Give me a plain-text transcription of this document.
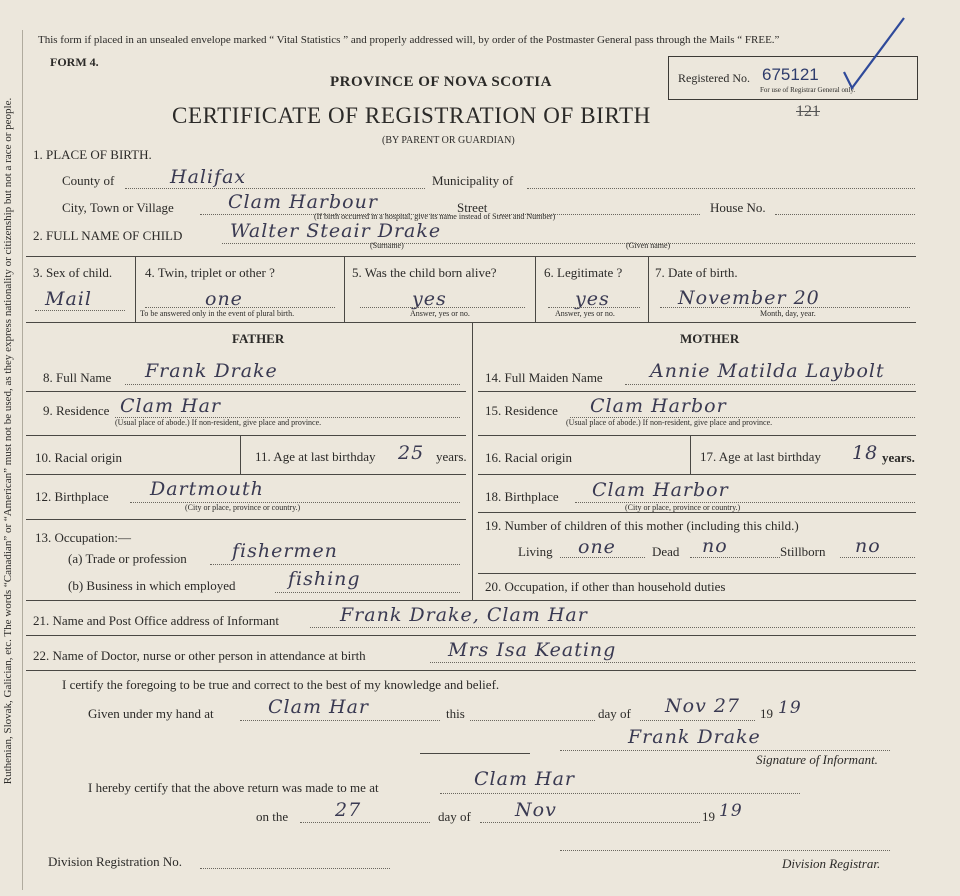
Ruthenian, Slovak, Galician, etc. The words “Canadian” or “American” must not be used, as they express nationality or citizenship but not a race or people.
This form if placed in an unsealed envelope marked “ Vital Statistics ” and properly addressed will, by order of the Postmaster General pass through the Mails “ FREE.”
FORM 4.
PROVINCE OF NOVA SCOTIA
CERTIFICATE OF REGISTRATION OF BIRTH
(BY PARENT OR GUARDIAN)
121
Registered No. 675121
For use of Registrar General only.
1. PLACE OF BIRTH.
County of	Halifax	Municipality of
City, Town or Village	Clam Harbour	Street	House No.
(If birth occurred in a hospital, give its name instead of Street and Number)
2. FULL NAME OF CHILD	Walter Steair Drake
(Surname)	(Given name)
3. Sex of child.
Mail
4. Twin, triplet or other ?
one
To be answered only in the event of plural birth.
5. Was the child born alive?
yes
Answer, yes or no.
6. Legitimate ?
yes
Answer, yes or no.
7. Date of birth.
November 20
Month, day, year.
FATHER	MOTHER
8. Full Name Frank Drake
9. Residence Clam Har
(Usual place of abode.) If non-resident, give place and province.
10. Racial origin	11. Age at last birthday 25 years.
12. Birthplace Dartmouth
(City or place, province or country.)
13. Occupation:—
(a) Trade or profession fishermen
(b) Business in which employed	fishing
14. Full Maiden Name Annie Matilda Laybolt
15. Residence Clam Harbor
(Usual place of abode.) If non-resident, give place and province.
16. Racial origin	17. Age at last birthday 18 years.
18. Birthplace Clam Harbor
(City or place, province or country.)
19. Number of children of this mother (including this child.)
Living one	Dead no	Stillborn no
20. Occupation, if other than household duties
21. Name and Post Office address of Informant	Frank Drake, Clam Har
22. Name of Doctor, nurse or other person in attendance at birth	Mrs Isa Keating
I certify the foregoing to be true and correct to the best of my knowledge and belief.
Given under my hand at	Clam Har	this	day of Nov 27 19 19
Frank Drake
Signature of Informant.
I hereby certify that the above return was made to me at	Clam Har
on the 27	day of Nov	19 19
Division Registration No.	Division Registrar.
